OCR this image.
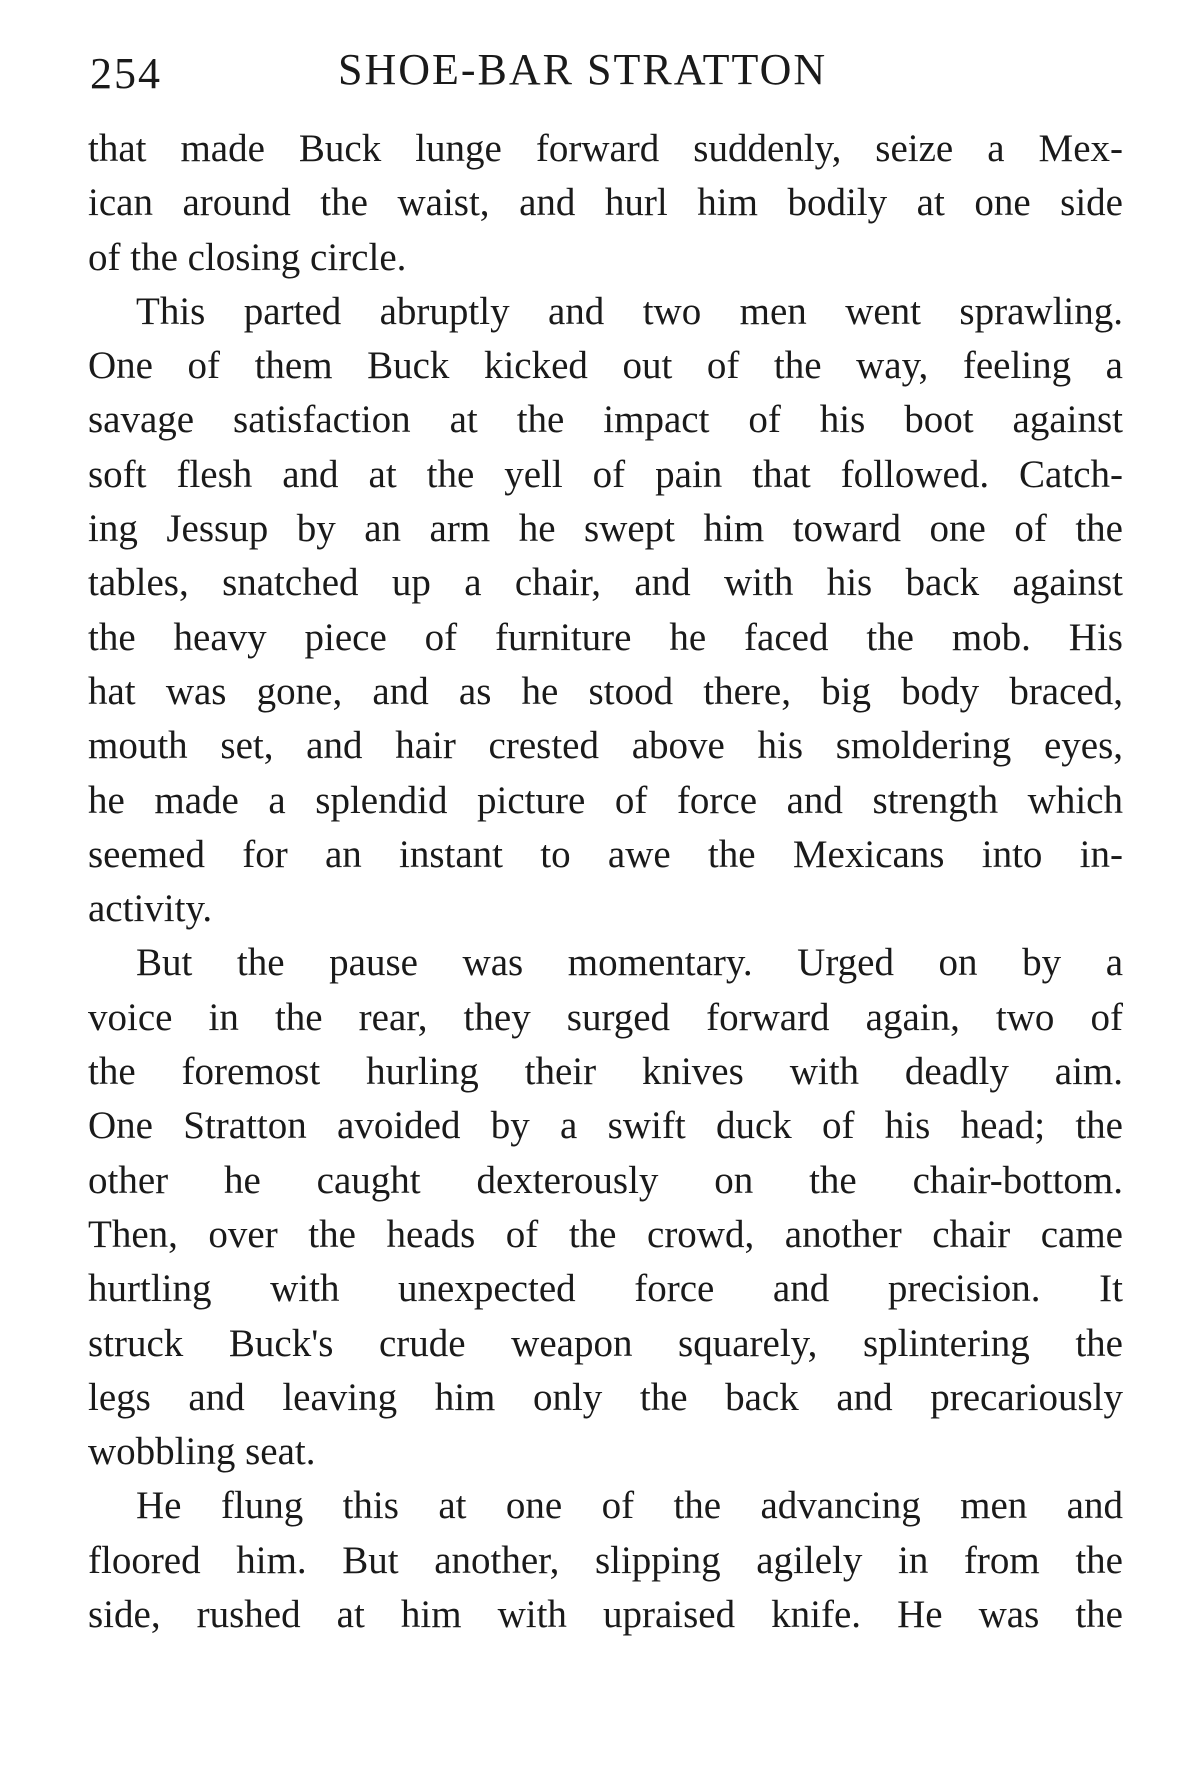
254	SHOE-BAR STRATTON
that made Buck lunge forward suddenly, seize a Mex-
ican around the waist, and hurl him bodily at one side
of the closing circle.
This parted abruptly and two men went sprawling.
One of them Buck kicked out of the way, feeling a
savage satisfaction at the impact of his boot against
soft flesh and at the yell of pain that followed. Catch-
ing Jessup by an arm he swept him toward one of the
tables, snatched up a chair, and with his back against
the heavy piece of furniture he faced the mob. His
hat was gone, and as he stood there, big body braced,
mouth set, and hair crested above his smoldering eyes,
he made a splendid picture of force and strength which
seemed for an instant to awe the Mexicans into in-
activity.
But the pause was momentary. Urged on by a
voice in the rear, they surged forward again, two of
the foremost hurling their knives with deadly aim.
One Stratton avoided by a swift duck of his head; the
other he caught dexterously on the chair-bottom.
Then, over the heads of the crowd, another chair came
hurtling with unexpected force and precision. It
struck Buck's crude weapon squarely, splintering the
legs and leaving him only the back and precariously
wobbling seat.
He flung this at one of the advancing men and
floored him. But another, slipping agilely in from the
side, rushed at him with upraised knife. He was the
